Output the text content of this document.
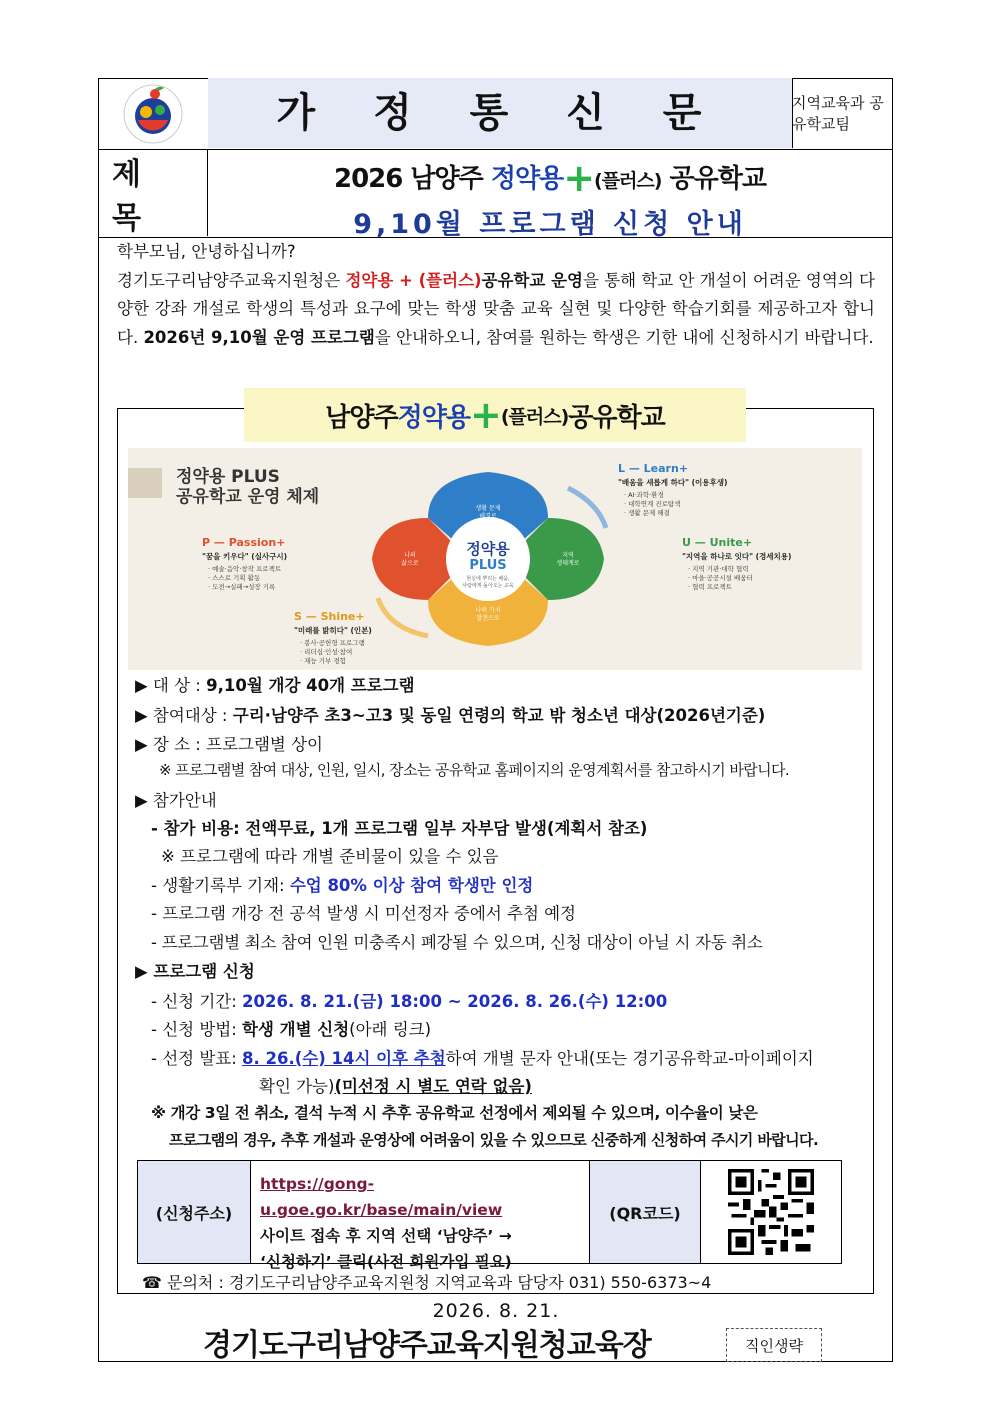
가 정 통 신 문	지역교육과 공유학교팀
제 목
2026 남양주 정약용+(플러스) 공유학교
9,10월 프로그램 신청 안내
학부모님, 안녕하십니까?
경기도구리남양주교육지원청은 정약용 + (플러스)공유학교 운영을 통해 학교 안 개설이 어려운 영역의 다양한 강좌 개설로 학생의 특성과 요구에 맞는 학생 맞춤 교육 실현 및 다양한 학습기회를 제공하고자 합니다. 2026년 9,10월 운영 프로그램을 안내하오니, 참여를 원하는 학생은 기한 내에 신청하시기 바랍니다.
남양주 정약용 + (플러스) 공유학교
정약용 PLUS
공유학교 운영 체제
정약용
PLUS
현실에 뿌리는 배움,
사람에게 돌아오는 교육
생활 문제
해결로
나의
삶으로
지역
생태계로
나의 가치
발견으로
L — Learn+
"배움을 새롭게 하다" (이용후생)
· AI·과학·환경
· 대학연계 진로탐색
· 생활 문제 해결
P — Passion+
"꿈을 키우다" (실사구시)
· 예술·음악·창작 프로젝트
· 스스로 기획 활동
· 도전→실패→성장 기록
U — Unite+
"지역을 하나로 잇다" (경세치용)
· 지역 기관·대학 협력
· 마을·공공시설 배움터
· 협력 프로젝트
S — Shine+
"미래를 밝히다" (인본)
· 봉사·공헌형 프로그램
· 리더십·인성·참여
· 재능 기부 경험
▶ 대 상 : 9,10월 개강 40개 프로그램
▶ 참여대상 : 구리·남양주 초3~고3 및 동일 연령의 학교 밖 청소년 대상(2026년기준)
▶ 장 소 : 프로그램별 상이
※ 프로그램별 참여 대상, 인원, 일시, 장소는 공유학교 홈페이지의 운영계획서를 참고하시기 바랍니다.
▶ 참가안내
- 참가 비용: 전액무료, 1개 프로그램 일부 자부담 발생(계획서 참조)
※ 프로그램에 따라 개별 준비물이 있을 수 있음
- 생활기록부 기재: 수업 80% 이상 참여 학생만 인정
- 프로그램 개강 전 공석 발생 시 미선정자 중에서 추첨 예정
- 프로그램별 최소 참여 인원 미충족시 폐강될 수 있으며, 신청 대상이 아닐 시 자동 취소
▶ 프로그램 신청
- 신청 기간: 2026. 8. 21.(금) 18:00 ~ 2026. 8. 26.(수) 12:00
- 신청 방법: 학생 개별 신청(아래 링크)
- 선정 발표: 8. 26.(수) 14시 이후 추첨하여 개별 문자 안내(또는 경기공유학교-마이페이지
확인 가능)(미선정 시 별도 연락 없음)
※ 개강 3일 전 취소, 결석 누적 시 추후 공유학교 선정에서 제외될 수 있으며, 이수율이 낮은
프로그램의 경우, 추후 개설과 운영상에 어려움이 있을 수 있으므로 신중하게 신청하여 주시기 바랍니다.
(신청주소)
https://gong-u.goe.go.kr/base/main/view
사이트 접속 후 지역 선택 ‘남양주’ →
‘신청하기’ 클릭(사전 회원가입 필요)
(QR코드)
☎ 문의처 : 경기도구리남양주교육지원청 지역교육과 담당자 031) 550-6373~4
2026. 8. 21.
경기도구리남양주교육지원청교육장	직인생략
